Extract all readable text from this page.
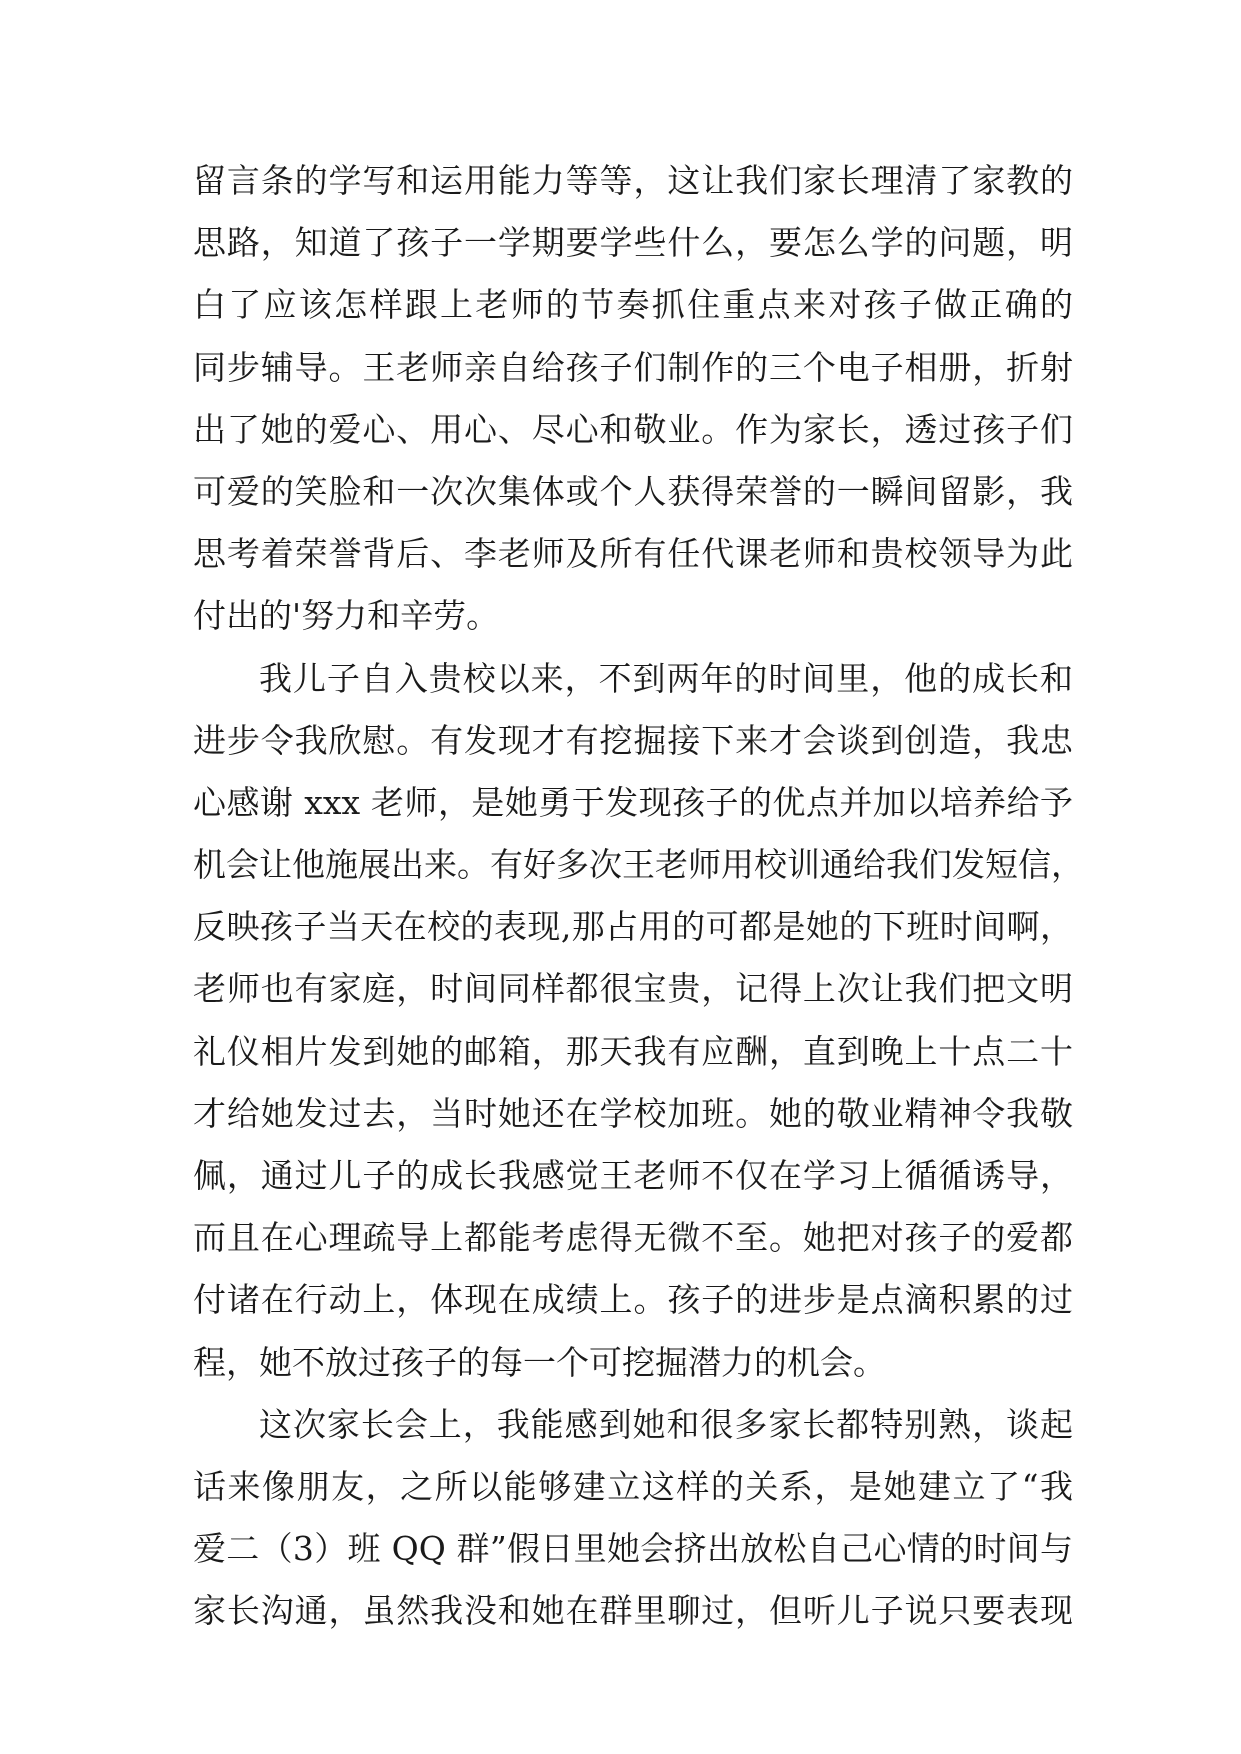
留言条的学写和运用能力等等，这让我们家长理清了家教的
思路，知道了孩子一学期要学些什么，要怎么学的问题，明
白了应该怎样跟上老师的节奏抓住重点来对孩子做正确的
同步辅导。王老师亲自给孩子们制作的三个电子相册，折射
出了她的爱心、用心、尽心和敬业。作为家长，透过孩子们
可爱的笑脸和一次次集体或个人获得荣誉的一瞬间留影，我
思考着荣誉背后、李老师及所有任代课老师和贵校领导为此
付出的'努力和辛劳。
我儿子自入贵校以来，不到两年的时间里，他的成长和
进步令我欣慰。有发现才有挖掘接下来才会谈到创造，我忠
心感谢 xxx 老师，是她勇于发现孩子的优点并加以培养给予
机会让他施展出来。有好多次王老师用校训通给我们发短信，
反映孩子当天在校的表现,那占用的可都是她的下班时间啊，
老师也有家庭，时间同样都很宝贵，记得上次让我们把文明
礼仪相片发到她的邮箱，那天我有应酬，直到晚上十点二十
才给她发过去，当时她还在学校加班。她的敬业精神令我敬
佩，通过儿子的成长我感觉王老师不仅在学习上循循诱导，
而且在心理疏导上都能考虑得无微不至。她把对孩子的爱都
付诸在行动上，体现在成绩上。孩子的进步是点滴积累的过
程，她不放过孩子的每一个可挖掘潜力的机会。
这次家长会上，我能感到她和很多家长都特别熟，谈起
话来像朋友，之所以能够建立这样的关系，是她建立了“我
爱二（3）班 QQ 群”假日里她会挤出放松自己心情的时间与
家长沟通，虽然我没和她在群里聊过，但听儿子说只要表现
